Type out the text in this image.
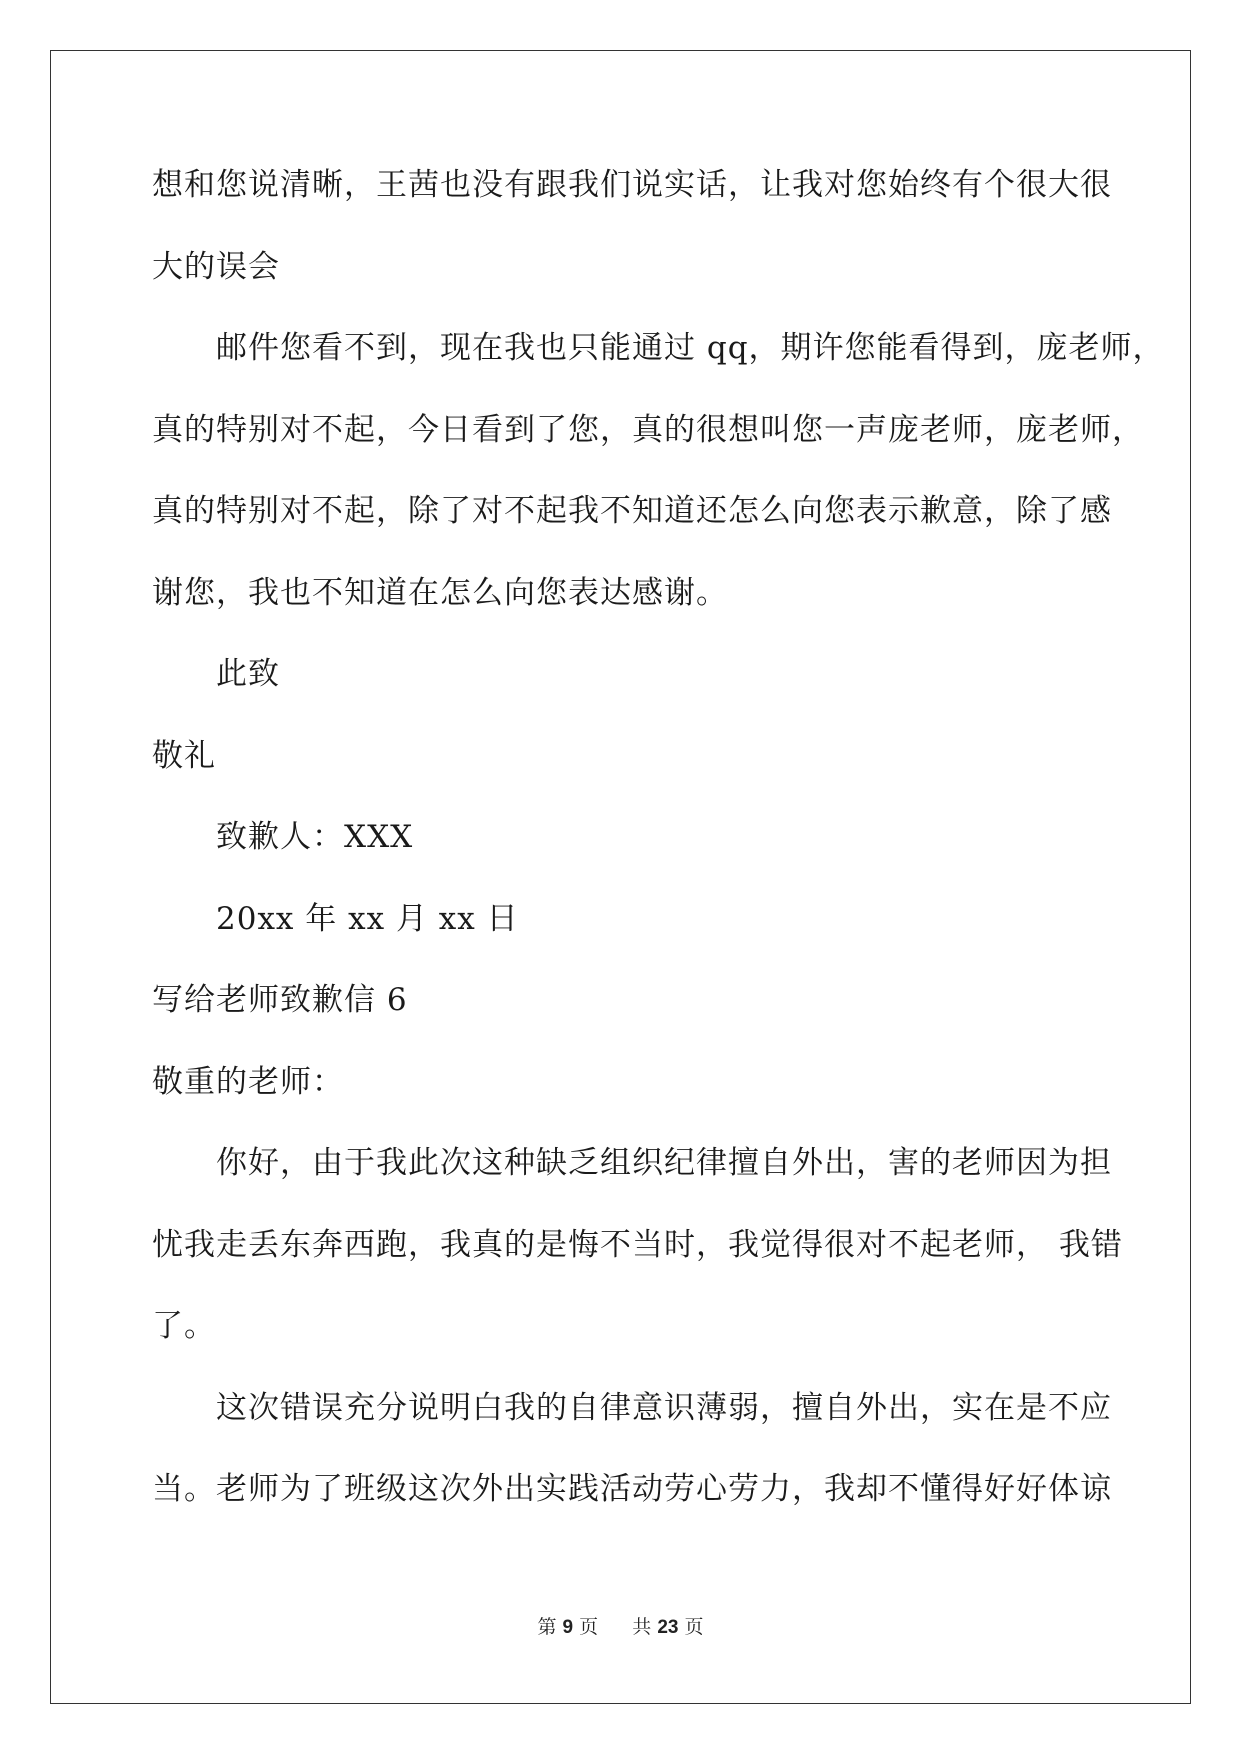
想和您说清晰，王茜也没有跟我们说实话，让我对您始终有个很大很
大的误会
邮件您看不到，现在我也只能通过 qq，期许您能看得到，庞老师，
真的特别对不起，今日看到了您，真的很想叫您一声庞老师，庞老师，
真的特别对不起，除了对不起我不知道还怎么向您表示歉意，除了感
谢您，我也不知道在怎么向您表达感谢。
此致
敬礼
致歉人：XXX
20xx 年 xx 月 xx 日
写给老师致歉信 6
敬重的老师：
你好，由于我此次这种缺乏组织纪律擅自外出，害的老师因为担
忧我走丢东奔西跑，我真的是悔不当时，我觉得很对不起老师， 我错
了。
这次错误充分说明白我的自律意识薄弱，擅自外出，实在是不应
当。老师为了班级这次外出实践活动劳心劳力，我却不懂得好好体谅
第 9 页 共 23 页
